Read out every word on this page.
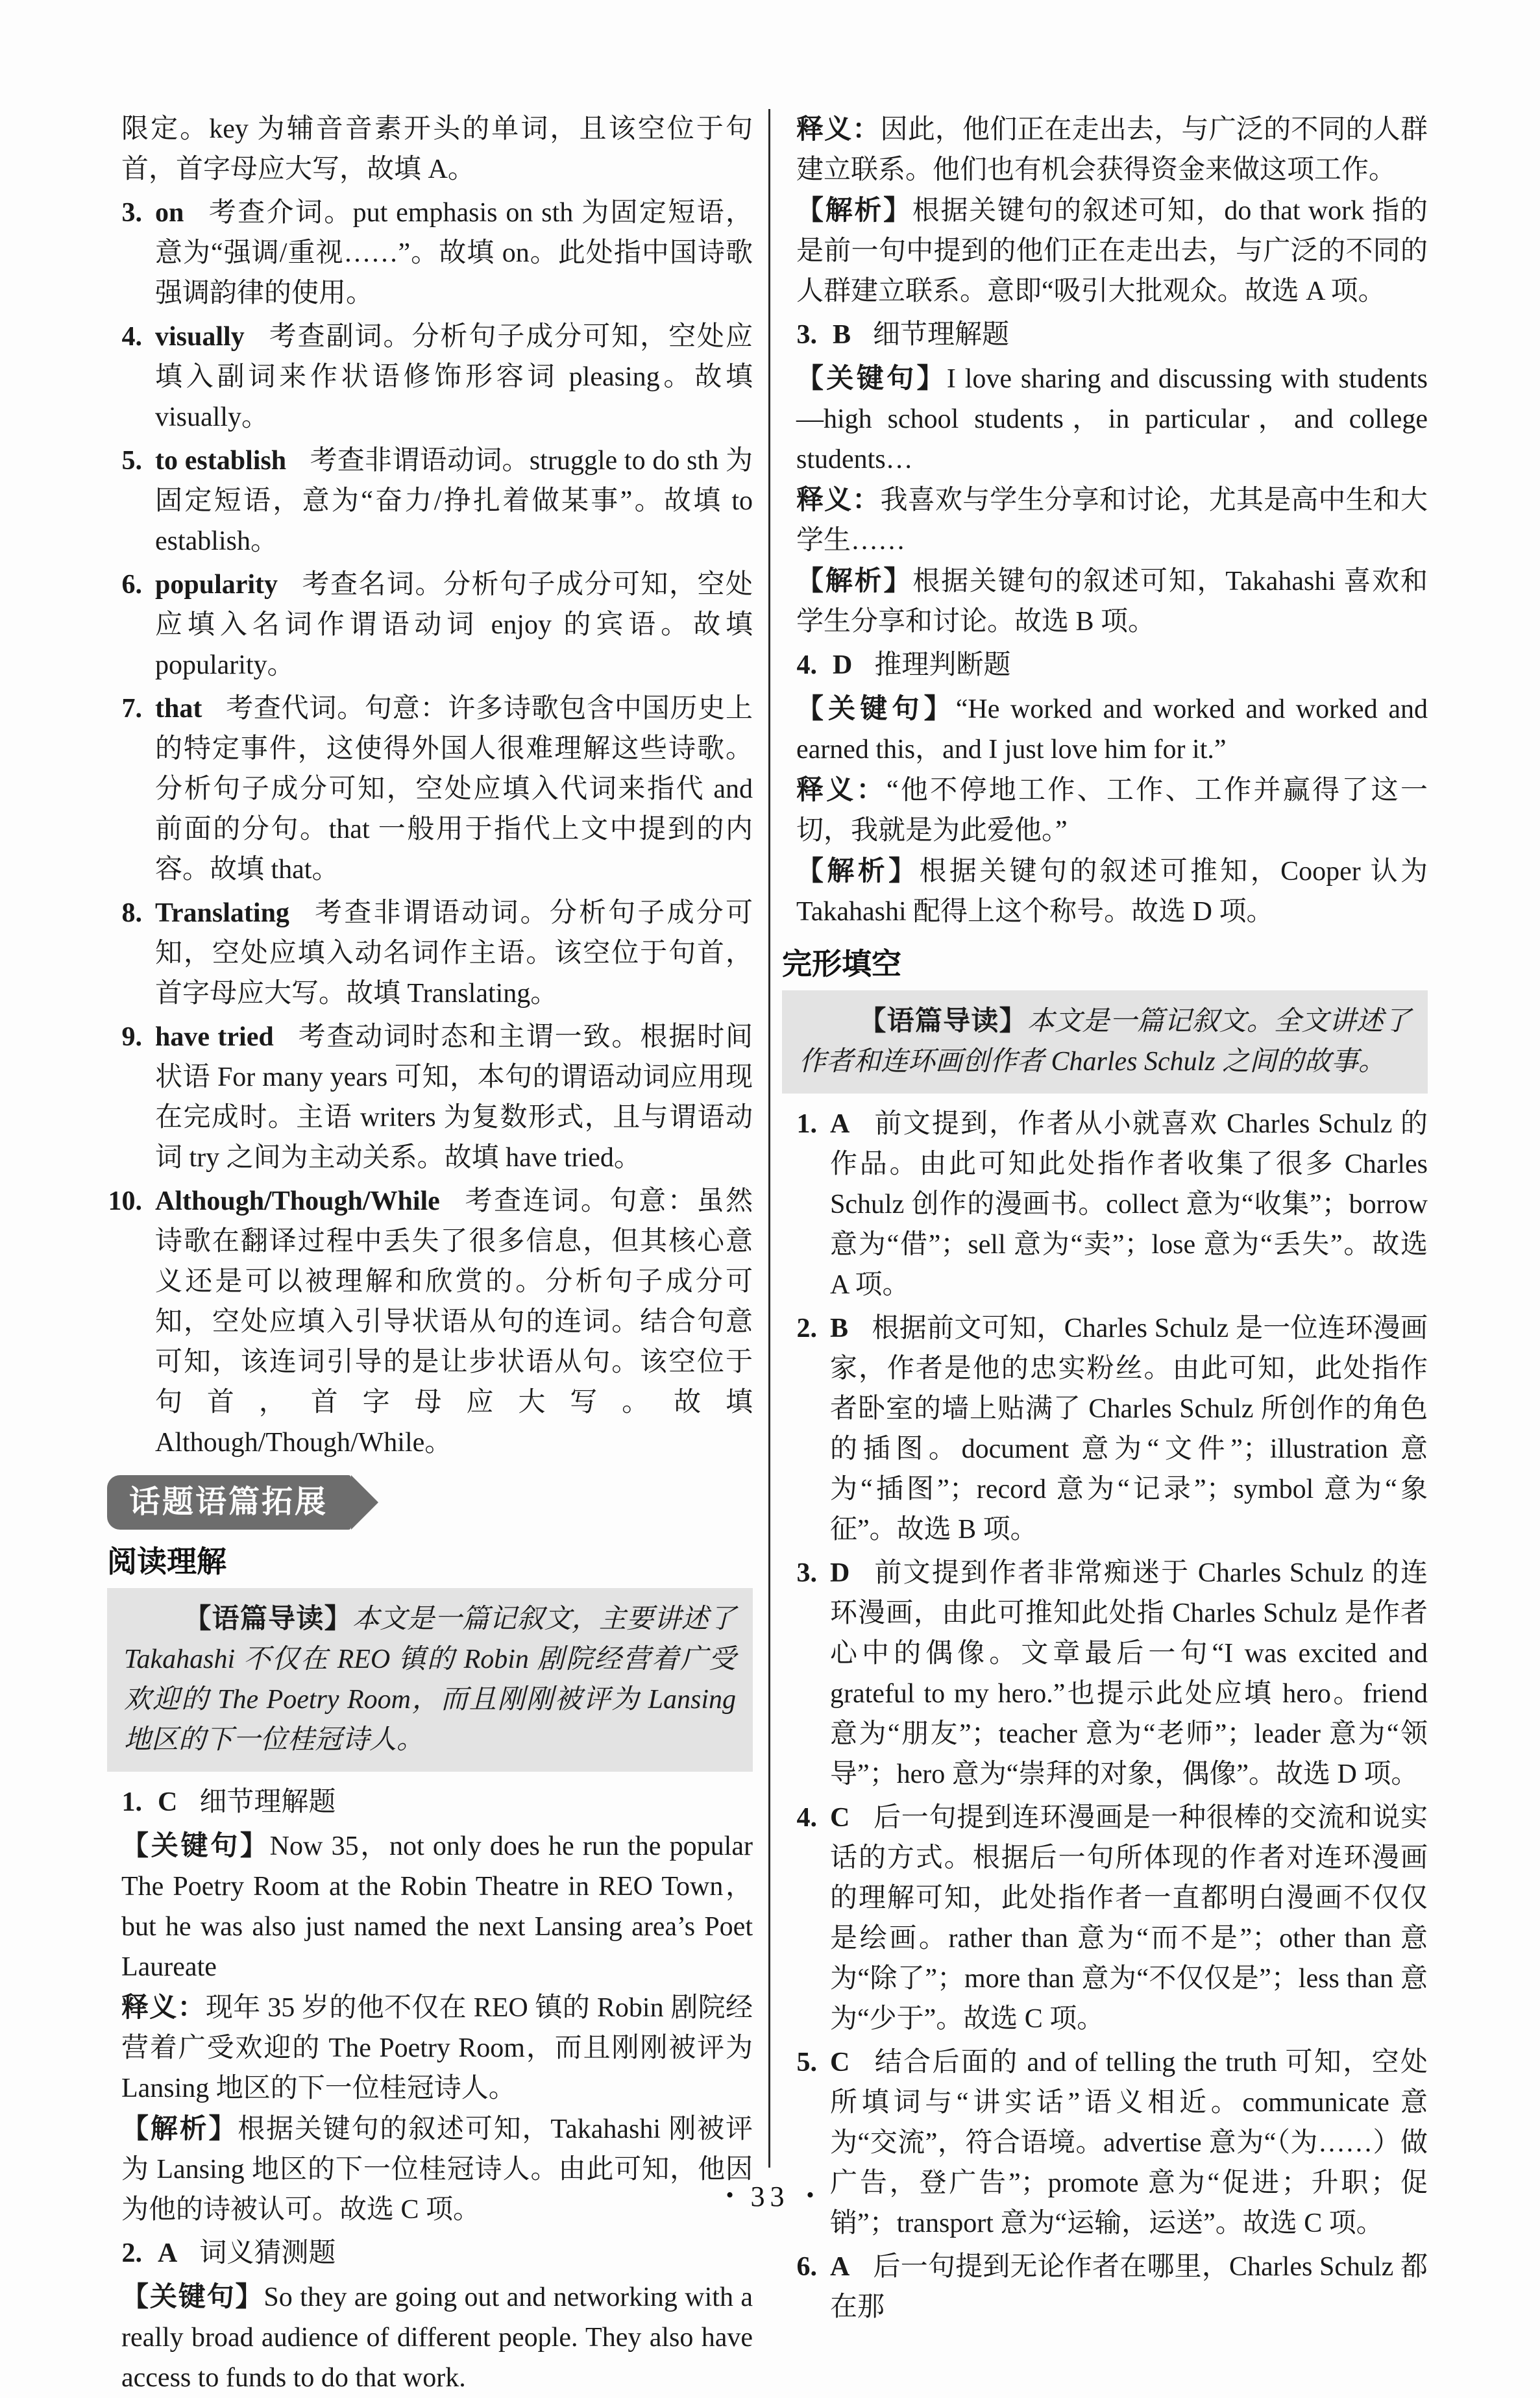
限定。key 为辅音音素开头的单词，且该空位于句首，首字母应大写，故填 A。

3. on 考查介词。put emphasis on sth 为固定短语，意为“强调/重视……”。故填 on。此处指中国诗歌强调韵律的使用。

4. visually 考查副词。分析句子成分可知，空处应填入副词来作状语修饰形容词 pleasing。故填 visually。

5. to establish 考查非谓语动词。struggle to do sth 为固定短语，意为“奋力/挣扎着做某事”。故填 to establish。

6. popularity 考查名词。分析句子成分可知，空处应填入名词作谓语动词 enjoy 的宾语。故填 popularity。

7. that 考查代词。句意：许多诗歌包含中国历史上的特定事件，这使得外国人很难理解这些诗歌。分析句子成分可知，空处应填入代词来指代 and 前面的分句。that 一般用于指代上文中提到的内容。故填 that。

8. Translating 考查非谓语动词。分析句子成分可知，空处应填入动名词作主语。该空位于句首，首字母应大写。故填 Translating。

9. have tried 考查动词时态和主谓一致。根据时间状语 For many years 可知，本句的谓语动词应用现在完成时。主语 writers 为复数形式，且与谓语动词 try 之间为主动关系。故填 have tried。

10. Although/Though/While 考查连词。句意：虽然诗歌在翻译过程中丢失了很多信息，但其核心意义还是可以被理解和欣赏的。分析句子成分可知，空处应填入引导状语从句的连词。结合句意可知，该连词引导的是让步状语从句。该空位于句首，首字母应大写。故填 Although/Though/While。

话题语篇拓展
阅读理解

【语篇导读】本文是一篇记叙文，主要讲述了 Takahashi 不仅在 REO 镇的 Robin 剧院经营着广受欢迎的 The Poetry Room，而且刚刚被评为 Lansing 地区的下一位桂冠诗人。

1. C 细节理解题

【关键句】Now 35，not only does he run the popular The Poetry Room at the Robin Theatre in REO Town，but he was also just named the next Lansing area’s Poet Laureate

释义：现年 35 岁的他不仅在 REO 镇的 Robin 剧院经营着广受欢迎的 The Poetry Room，而且刚刚被评为 Lansing 地区的下一位桂冠诗人。

【解析】根据关键句的叙述可知，Takahashi 刚被评为 Lansing 地区的下一位桂冠诗人。由此可知，他因为他的诗被认可。故选 C 项。

2. A 词义猜测题

【关键句】So they are going out and networking with a really broad audience of different people. They also have access to funds to do that work.

释义：因此，他们正在走出去，与广泛的不同的人群建立联系。他们也有机会获得资金来做这项工作。

【解析】根据关键句的叙述可知，do that work 指的是前一句中提到的他们正在走出去，与广泛的不同的人群建立联系。意即“吸引大批观众。故选 A 项。

3. B 细节理解题

【关键句】I love sharing and discussing with students—high school students，in particular，and college students…

释义：我喜欢与学生分享和讨论，尤其是高中生和大学生……

【解析】根据关键句的叙述可知，Takahashi 喜欢和学生分享和讨论。故选 B 项。

4. D 推理判断题

【关键句】“He worked and worked and worked and earned this，and I just love him for it.”

释义：“他不停地工作、工作、工作并赢得了这一切，我就是为此爱他。”

【解析】根据关键句的叙述可推知，Cooper 认为 Takahashi 配得上这个称号。故选 D 项。

完形填空

【语篇导读】本文是一篇记叙文。全文讲述了作者和连环画创作者 Charles Schulz 之间的故事。

1. A 前文提到，作者从小就喜欢 Charles Schulz 的作品。由此可知此处指作者收集了很多 Charles Schulz 创作的漫画书。collect 意为“收集”；borrow 意为“借”；sell 意为“卖”；lose 意为“丢失”。故选 A 项。

2. B 根据前文可知，Charles Schulz 是一位连环漫画家，作者是他的忠实粉丝。由此可知，此处指作者卧室的墙上贴满了 Charles Schulz 所创作的角色的插图。document 意为“文件”；illustration 意为“插图”；record 意为“记录”；symbol 意为“象征”。故选 B 项。

3. D 前文提到作者非常痴迷于 Charles Schulz 的连环漫画，由此可推知此处指 Charles Schulz 是作者心中的偶像。文章最后一句“I was excited and grateful to my hero.”也提示此处应填 hero。friend 意为“朋友”；teacher 意为“老师”；leader 意为“领导”；hero 意为“崇拜的对象，偶像”。故选 D 项。

4. C 后一句提到连环漫画是一种很棒的交流和说实话的方式。根据后一句所体现的作者对连环漫画的理解可知，此处指作者一直都明白漫画不仅仅是绘画。rather than 意为“而不是”；other than 意为“除了”；more than 意为“不仅仅是”；less than 意为“少于”。故选 C 项。

5. C 结合后面的 and of telling the truth 可知，空处所填词与“讲实话”语义相近。communicate 意为“交流”，符合语境。advertise 意为“（为……）做广告，登广告”；promote 意为“促进；升职；促销”；transport 意为“运输，运送”。故选 C 项。

6. A 后一句提到无论作者在哪里，Charles Schulz 都在那

• 33 •
